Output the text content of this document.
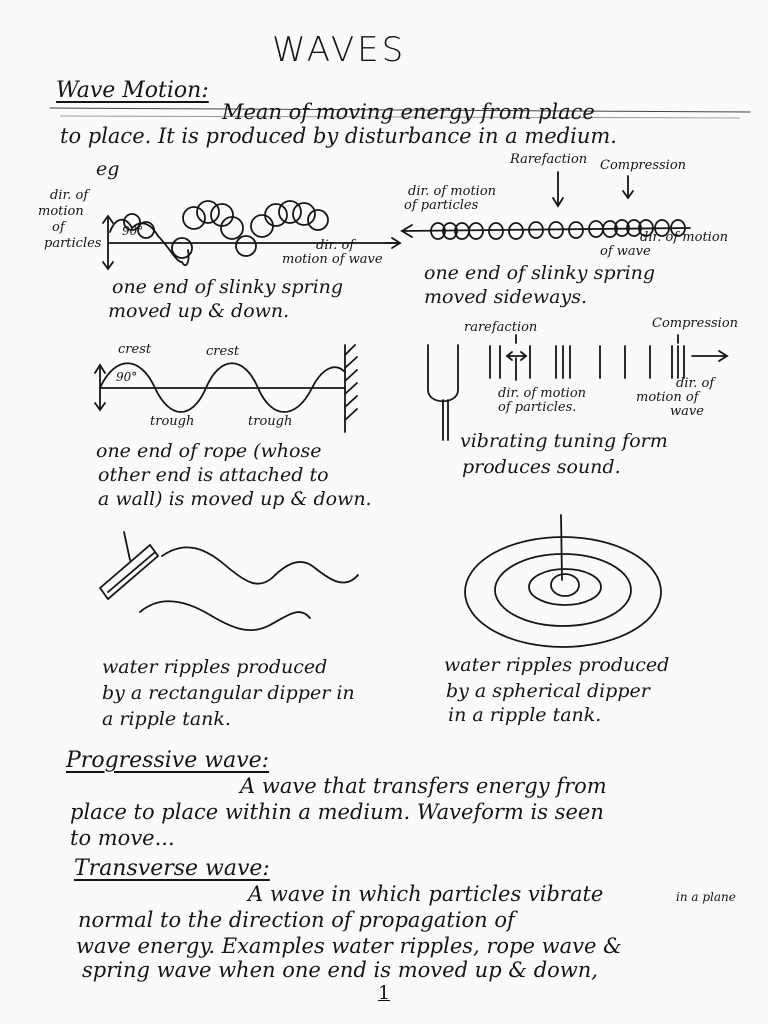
WAVES
Wave Motion:
Mean of moving energy from place
to place. It is produced by disturbance in a medium.
eg
dir. of
motion
of
particles
90°
dir. of
motion of wave
one end of slinky spring
moved up & down.
Rarefaction Compression
dir. of motion
of particles
dir. of motion
of wave
one end of slinky spring
moved sideways.
crest	crest
90°
trough	trough
one end of rope (whose
other end is attached to
a wall) is moved up & down.
rarefaction	Compression
dir. of motion
of particles.
dir. of
motion of
wave
vibrating tuning form
produces sound.
water ripples produced
by a rectangular dipper in
a ripple tank.
water ripples produced
by a spherical dipper
in a ripple tank.
Progressive wave:
A wave that transfers energy from
place to place within a medium. Waveform is seen
to move...
Transverse wave:
A wave in which particles vibrate	in a plane
normal to the direction of propagation of
wave energy. Examples water ripples, rope wave &
spring wave when one end is moved up & down,
1
